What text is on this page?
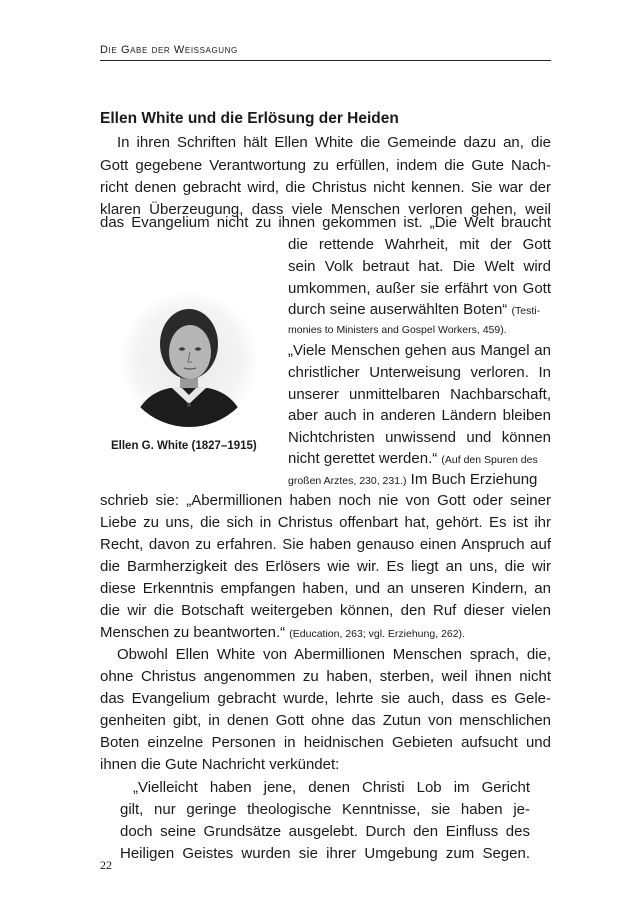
Die Gabe der Weissagung
Ellen White und die Erlösung der Heiden
In ihren Schriften hält Ellen White die Gemeinde dazu an, die
Gott gegebene Verantwortung zu erfüllen, indem die Gute Nach-
richt denen gebracht wird, die Christus nicht kennen. Sie war der
klaren Überzeugung, dass viele Menschen verloren gehen, weil
das Evangelium nicht zu ihnen gekommen ist. „Die Welt braucht
die rettende Wahrheit, mit der Gott
sein Volk betraut hat. Die Welt wird
umkommen, außer sie erfährt von Gott
durch seine auserwählten Boten“ (Testi-
monies to Ministers and Gospel Workers, 459).
„Viele Menschen gehen aus Mangel an
christlicher Unterweisung verloren. In
unserer unmittelbaren Nachbarschaft,
aber auch in anderen Ländern bleiben
Nichtchristen unwissend und können
nicht gerettet werden.“ (Auf den Spuren des
großen Arztes, 230, 231.) Im Buch Erziehung
Ellen G. White (1827–1915)
schrieb sie: „Abermillionen haben noch nie von Gott oder seiner
Liebe zu uns, die sich in Christus offenbart hat, gehört. Es ist ihr
Recht, davon zu erfahren. Sie haben genauso einen Anspruch auf
die Barmherzigkeit des Erlösers wie wir. Es liegt an uns, die wir
diese Erkenntnis empfangen haben, und an unseren Kindern, an
die wir die Botschaft weitergeben können, den Ruf dieser vielen
Menschen zu beantworten.“ (Education, 263; vgl. Erziehung, 262).
Obwohl Ellen White von Abermillionen Menschen sprach, die,
ohne Christus angenommen zu haben, sterben, weil ihnen nicht
das Evangelium gebracht wurde, lehrte sie auch, dass es Gele-
genheiten gibt, in denen Gott ohne das Zutun von menschlichen
Boten einzelne Personen in heidnischen Gebieten aufsucht und
ihnen die Gute Nachricht verkündet:
„Vielleicht haben jene, denen Christi Lob im Gericht
gilt, nur geringe theologische Kenntnisse, sie haben je-
doch seine Grundsätze ausgelebt. Durch den Einfluss des
Heiligen Geistes wurden sie ihrer Umgebung zum Segen.
22
